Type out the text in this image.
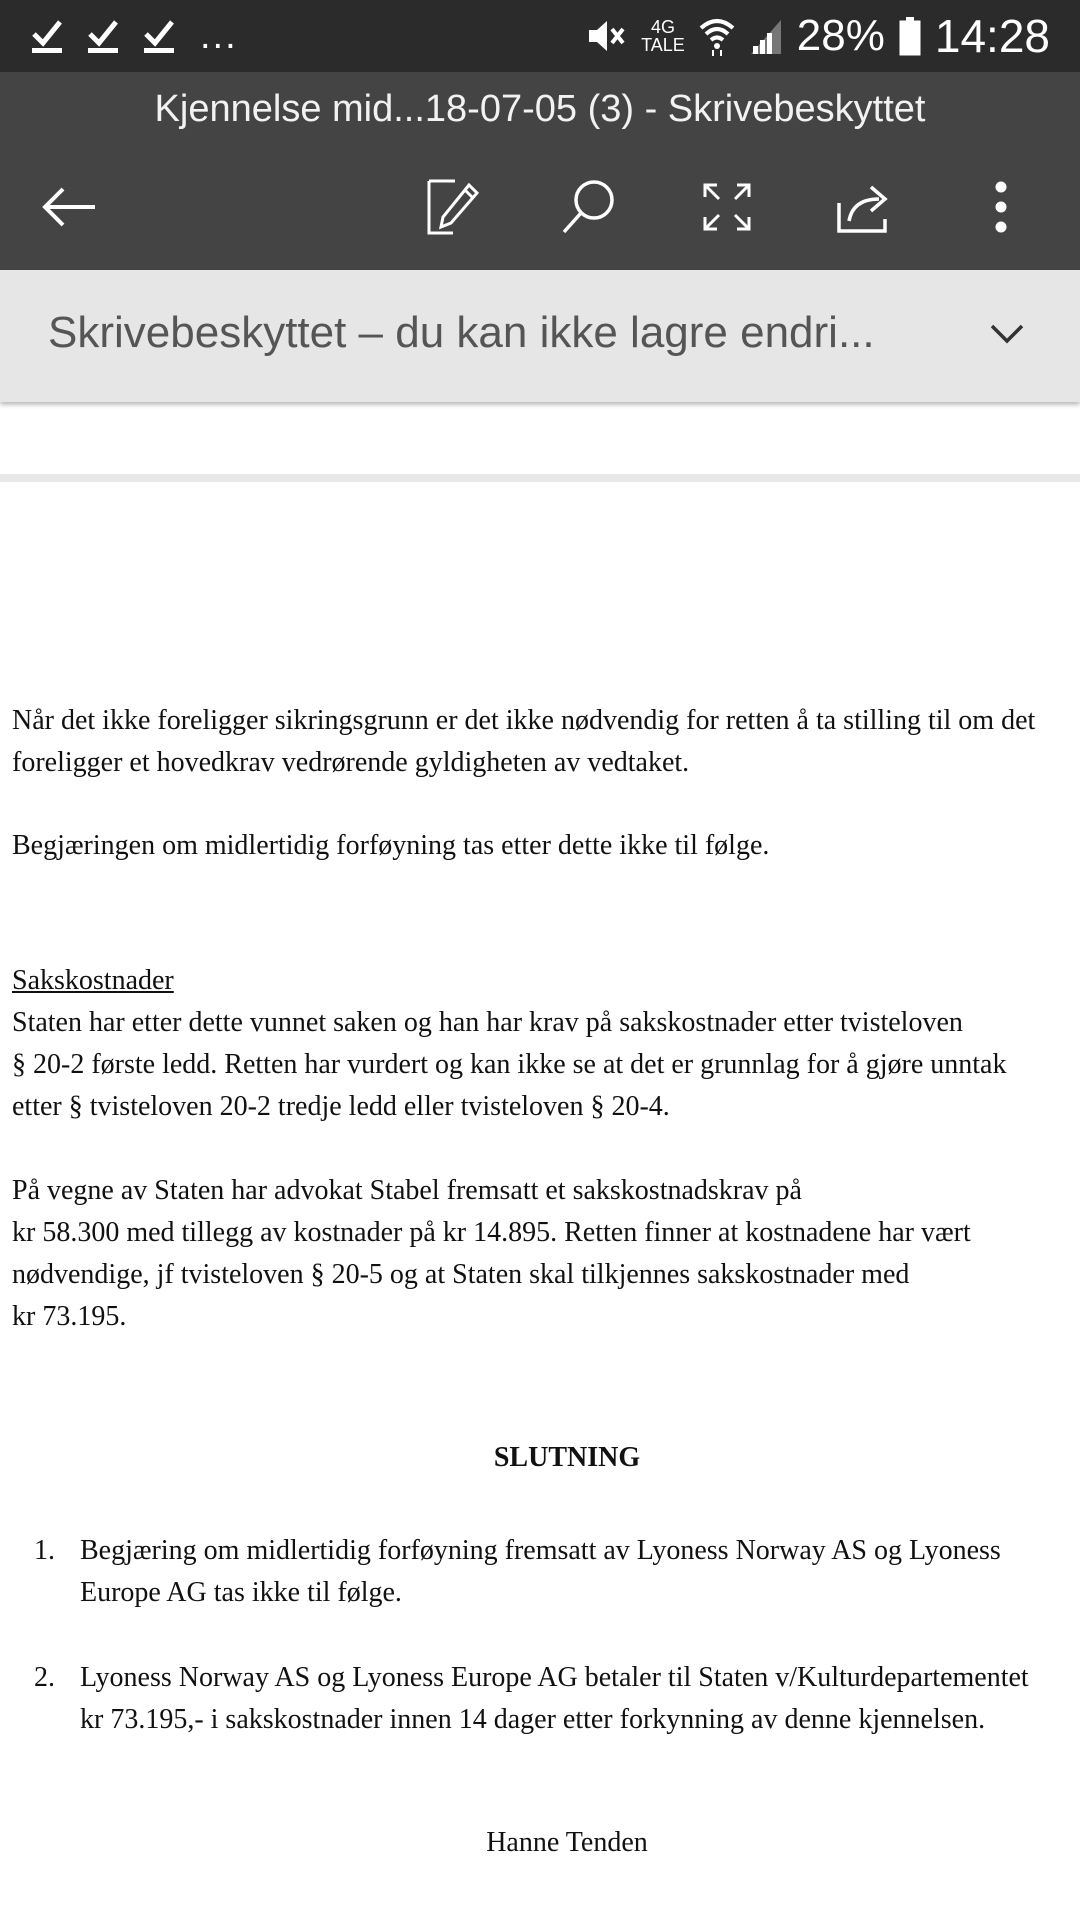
...	4G
TALE	28% 14:28
Kjennelse mid...18-07-05 (3) - Skrivebeskyttet
Skrivebeskyttet – du kan ikke lagre endri...
Når det ikke foreligger sikringsgrunn er det ikke nødvendig for retten å ta stilling til om det
foreligger et hovedkrav vedrørende gyldigheten av vedtaket.
Begjæringen om midlertidig forføyning tas etter dette ikke til følge.
Sakskostnader
Staten har etter dette vunnet saken og han har krav på sakskostnader etter tvisteloven
§ 20-2 første ledd. Retten har vurdert og kan ikke se at det er grunnlag for å gjøre unntak
etter § tvisteloven 20-2 tredje ledd eller tvisteloven § 20-4.
På vegne av Staten har advokat Stabel fremsatt et sakskostnadskrav på
kr 58.300 med tillegg av kostnader på kr 14.895. Retten finner at kostnadene har vært
nødvendige, jf tvisteloven § 20-5 og at Staten skal tilkjennes sakskostnader med
kr 73.195.
SLUTNING
1. Begjæring om midlertidig forføyning fremsatt av Lyoness Norway AS og Lyoness
Europe AG tas ikke til følge.
2. Lyoness Norway AS og Lyoness Europe AG betaler til Staten v/Kulturdepartementet
kr 73.195,- i sakskostnader innen 14 dager etter forkynning av denne kjennelsen.
Hanne Tenden
